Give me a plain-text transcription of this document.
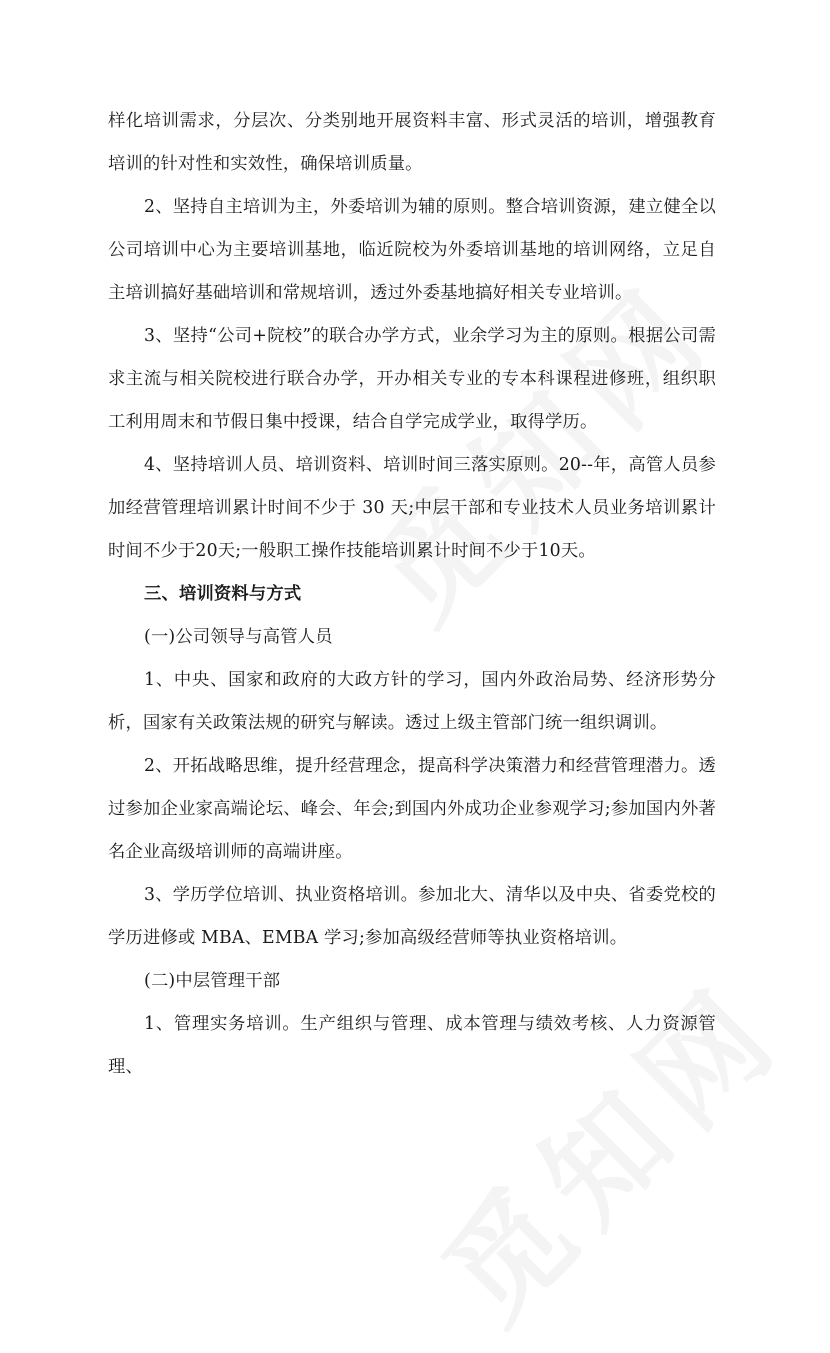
样化培训需求，分层次、分类别地开展资料丰富、形式灵活的培训，增强教育培训的针对性和实效性，确保培训质量。

2、坚持自主培训为主，外委培训为辅的原则。整合培训资源，建立健全以公司培训中心为主要培训基地，临近院校为外委培训基地的培训网络，立足自主培训搞好基础培训和常规培训，透过外委基地搞好相关专业培训。

3、坚持“公司+院校”的联合办学方式，业余学习为主的原则。根据公司需求主流与相关院校进行联合办学，开办相关专业的专本科课程进修班，组织职工利用周末和节假日集中授课，结合自学完成学业，取得学历。

4、坚持培训人员、培训资料、培训时间三落实原则。20--年，高管人员参加经营管理培训累计时间不少于 30 天;中层干部和专业技术人员业务培训累计时间不少于20天;一般职工操作技能培训累计时间不少于10天。

三、培训资料与方式

(一)公司领导与高管人员

1、中央、国家和政府的大政方针的学习，国内外政治局势、经济形势分析，国家有关政策法规的研究与解读。透过上级主管部门统一组织调训。

2、开拓战略思维，提升经营理念，提高科学决策潜力和经营管理潜力。透过参加企业家高端论坛、峰会、年会;到国内外成功企业参观学习;参加国内外著名企业高级培训师的高端讲座。

3、学历学位培训、执业资格培训。参加北大、清华以及中央、省委党校的学历进修或 MBA、EMBA 学习;参加高级经营师等执业资格培训。

(二)中层管理干部

1、管理实务培训。生产组织与管理、成本管理与绩效考核、人力资源管理、
